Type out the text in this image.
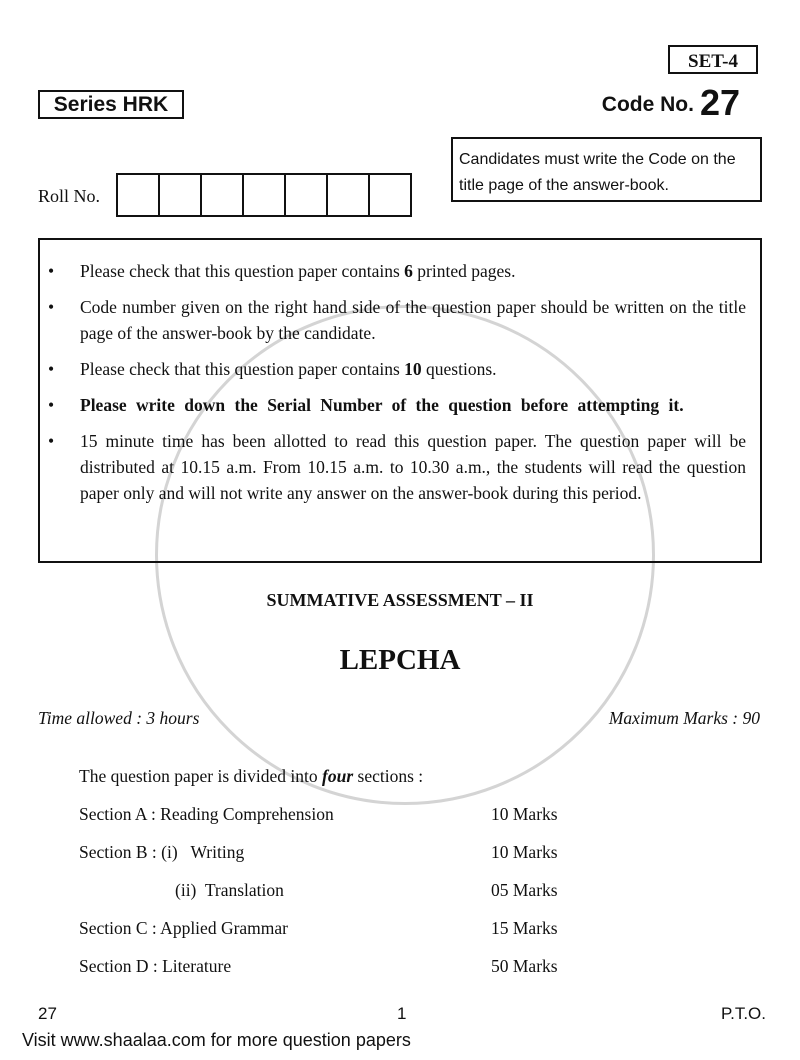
SET-4
Series HRK	Code No. 27
Candidates must write the Code on the title page of the answer-book.
Roll No.
•	Please check that this question paper contains 6 printed pages.
•	Code number given on the right hand side of the question paper should be written on the title page of the answer-book by the candidate.
•	Please check that this question paper contains 10 questions.
•	Please write down the Serial Number of the question before attempting it.
•	15 minute time has been allotted to read this question paper. The question paper will be distributed at 10.15 a.m. From 10.15 a.m. to 10.30 a.m., the students will read the question paper only and will not write any answer on the answer-book during this period.
SUMMATIVE ASSESSMENT – II
LEPCHA
Time allowed : 3 hours	Maximum Marks : 90
The question paper is divided into four sections :
Section A : Reading Comprehension	10 Marks
Section B : (i)   Writing	10 Marks
(ii)  Translation	05 Marks
Section C : Applied Grammar	15 Marks
Section D : Literature	50 Marks
27	1	P.T.O.
Visit www.shaalaa.com for more question papers
